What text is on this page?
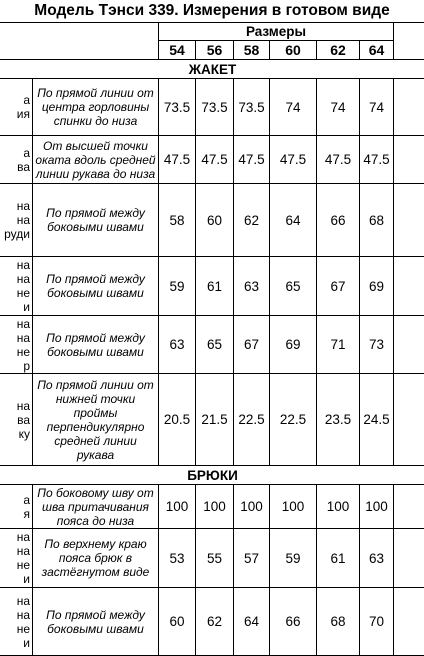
Модель Тэнси 339. Измерения в готовом виде
	Размеры						
		54	56	58	60	62	64	
ЖАКЕТ								

а
ия	По прямой линии от центра горловины спинки до низа	73.5	73.5	73.5	74	74	74	

а
ва	От высшей точки оката вдоль средней линии рукава до низа	47.5	47.5	47.5	47.5	47.5	47.5	

на
на
руди	По прямой между боковыми швами	58	60	62	64	66	68	

на
на
не
и	По прямой между боковыми швами	59	61	63	65	67	69	

на
на
не
р	По прямой между боковыми швами	63	65	67	69	71	73	

на
ва
ку	По прямой линии от нижней точки проймы перпендикулярно средней линии рукава	20.5	21.5	22.5	22.5	23.5	24.5	
БРЮКИ								

а
я	По боковому шву от шва притачивания пояса до низа	100	100	100	100	100	100	

на
на
не
и	По верхнему краю пояса брюк в застёгнутом виде	53	55	57	59	61	63	

на
на
не
и	По прямой между боковыми швами	60	62	64	66	68	70	
